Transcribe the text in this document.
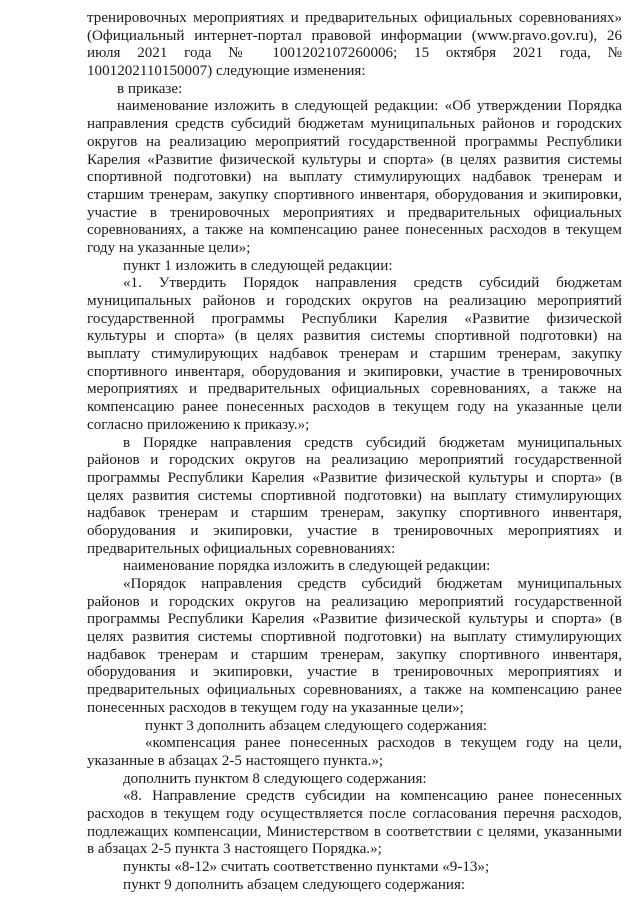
тренировочных мероприятиях и предварительных официальных соревнованиях»
(Официальный интернет-портал правовой информации (www.pravo.gov.ru), 26
июля 2021 года № 1001202107260006; 15 октября 2021 года, №
1001202110150007) следующие изменения:
в приказе:
наименование изложить в следующей редакции: «Об утверждении Порядка
направления средств субсидий бюджетам муниципальных районов и городских
округов на реализацию мероприятий государственной программы Республики
Карелия «Развитие физической культуры и спорта» (в целях развития системы
спортивной подготовки) на выплату стимулирующих надбавок тренерам и
старшим тренерам, закупку спортивного инвентаря, оборудования и экипировки,
участие в тренировочных мероприятиях и предварительных официальных
соревнованиях, а также на компенсацию ранее понесенных расходов в текущем
году на указанные цели»;
пункт 1 изложить в следующей редакции:
«1. Утвердить Порядок направления средств субсидий бюджетам
муниципальных районов и городских округов на реализацию мероприятий
государственной программы Республики Карелия «Развитие физической
культуры и спорта» (в целях развития системы спортивной подготовки) на
выплату стимулирующих надбавок тренерам и старшим тренерам, закупку
спортивного инвентаря, оборудования и экипировки, участие в тренировочных
мероприятиях и предварительных официальных соревнованиях, а также на
компенсацию ранее понесенных расходов в текущем году на указанные цели
согласно приложению к приказу.»;
в Порядке направления средств субсидий бюджетам муниципальных
районов и городских округов на реализацию мероприятий государственной
программы Республики Карелия «Развитие физической культуры и спорта» (в
целях развития системы спортивной подготовки) на выплату стимулирующих
надбавок тренерам и старшим тренерам, закупку спортивного инвентаря,
оборудования и экипировки, участие в тренировочных мероприятиях и
предварительных официальных соревнованиях:
наименование порядка изложить в следующей редакции:
«Порядок направления средств субсидий бюджетам муниципальных
районов и городских округов на реализацию мероприятий государственной
программы Республики Карелия «Развитие физической культуры и спорта» (в
целях развития системы спортивной подготовки) на выплату стимулирующих
надбавок тренерам и старшим тренерам, закупку спортивного инвентаря,
оборудования и экипировки, участие в тренировочных мероприятиях и
предварительных официальных соревнованиях, а также на компенсацию ранее
понесенных расходов в текущем году на указанные цели»;
пункт 3 дополнить абзацем следующего содержания:
«компенсация ранее понесенных расходов в текущем году на цели,
указанные в абзацах 2-5 настоящего пункта.»;
дополнить пунктом 8 следующего содержания:
«8. Направление средств субсидии на компенсацию ранее понесенных
расходов в текущем году осуществляется после согласования перечня расходов,
подлежащих компенсации, Министерством в соответствии с целями, указанными
в абзацах 2-5 пункта 3 настоящего Порядка.»;
пункты «8-12» считать соответственно пунктами «9-13»;
пункт 9 дополнить абзацем следующего содержания:
